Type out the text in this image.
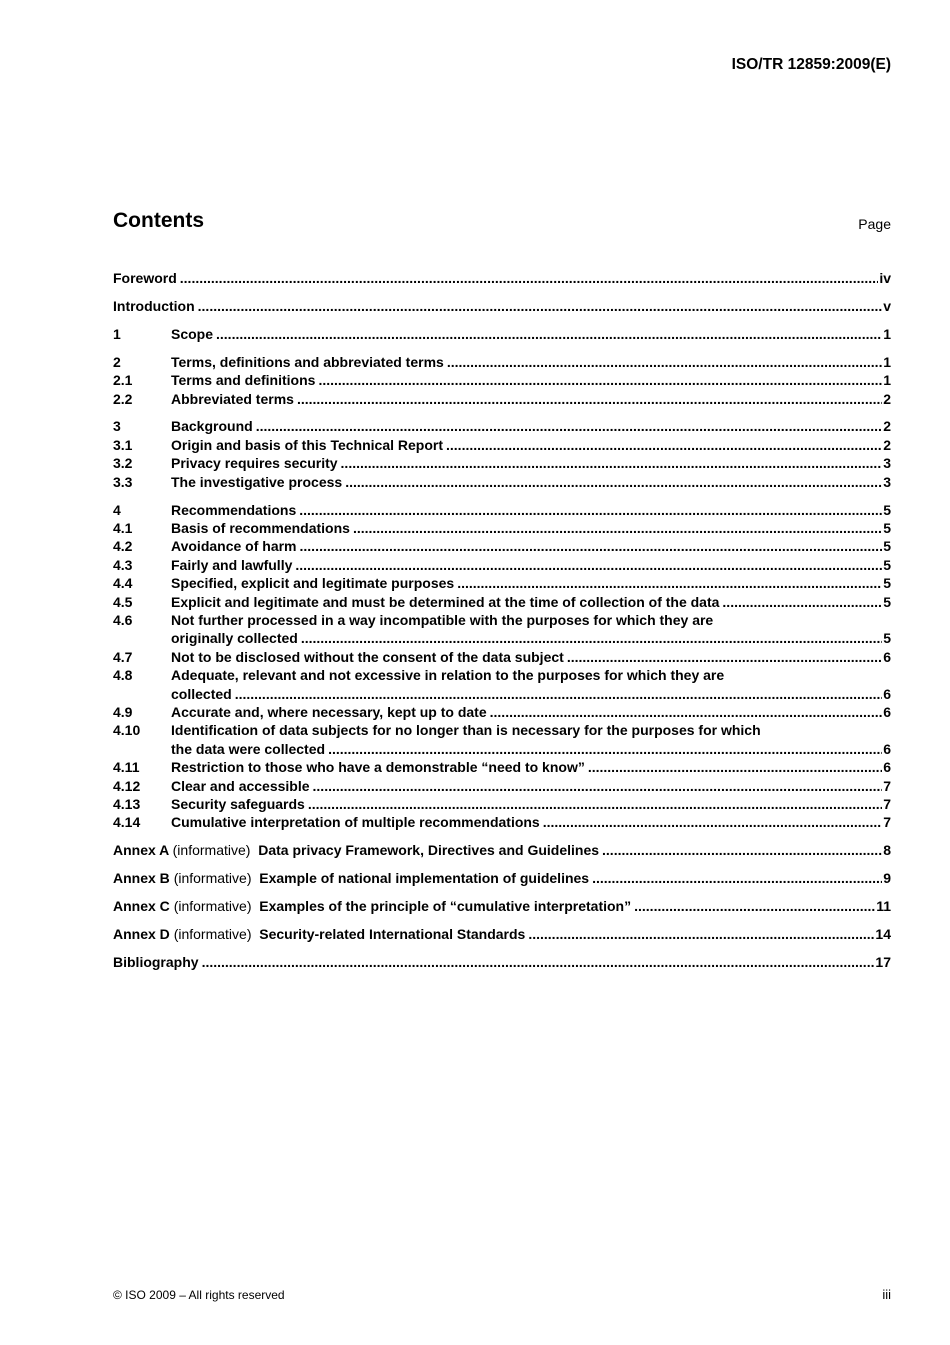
ISO/TR 12859:2009(E)
Contents	Page
Foreword .....	iv
Introduction .....	v
1	Scope .....	1
2	Terms, definitions and abbreviated terms .....	1
2.1	Terms and definitions .....	1
2.2	Abbreviated terms .....	2
3	Background .....	2
3.1	Origin and basis of this Technical Report .....	2
3.2	Privacy requires security .....	3
3.3	The investigative process .....	3
4	Recommendations .....	5
4.1	Basis of recommendations .....	5
4.2	Avoidance of harm .....	5
4.3	Fairly and lawfully .....	5
4.4	Specified, explicit and legitimate purposes .....	5
4.5	Explicit and legitimate and must be determined at the time of collection of the data .....	5
4.6	Not further processed in a way incompatible with the purposes for which they are
originally collected .....	5
4.7	Not to be disclosed without the consent of the data subject .....	6
4.8	Adequate, relevant and not excessive in relation to the purposes for which they are
collected .....	6
4.9	Accurate and, where necessary, kept up to date .....	6
4.10	Identification of data subjects for no longer than is necessary for the purposes for which
the data were collected .....	6
4.11	Restriction to those who have a demonstrable “need to know” .....	6
4.12	Clear and accessible .....	7
4.13	Security safeguards .....	7
4.14	Cumulative interpretation of multiple recommendations .....	7
Annex A (informative) Data privacy Framework, Directives and Guidelines .....	8
Annex B (informative) Example of national implementation of guidelines .....	9
Annex C (informative) Examples of the principle of “cumulative interpretation” .....	11
Annex D (informative) Security-related International Standards .....	14
Bibliography .....	17
© ISO 2009 – All rights reserved	iii
